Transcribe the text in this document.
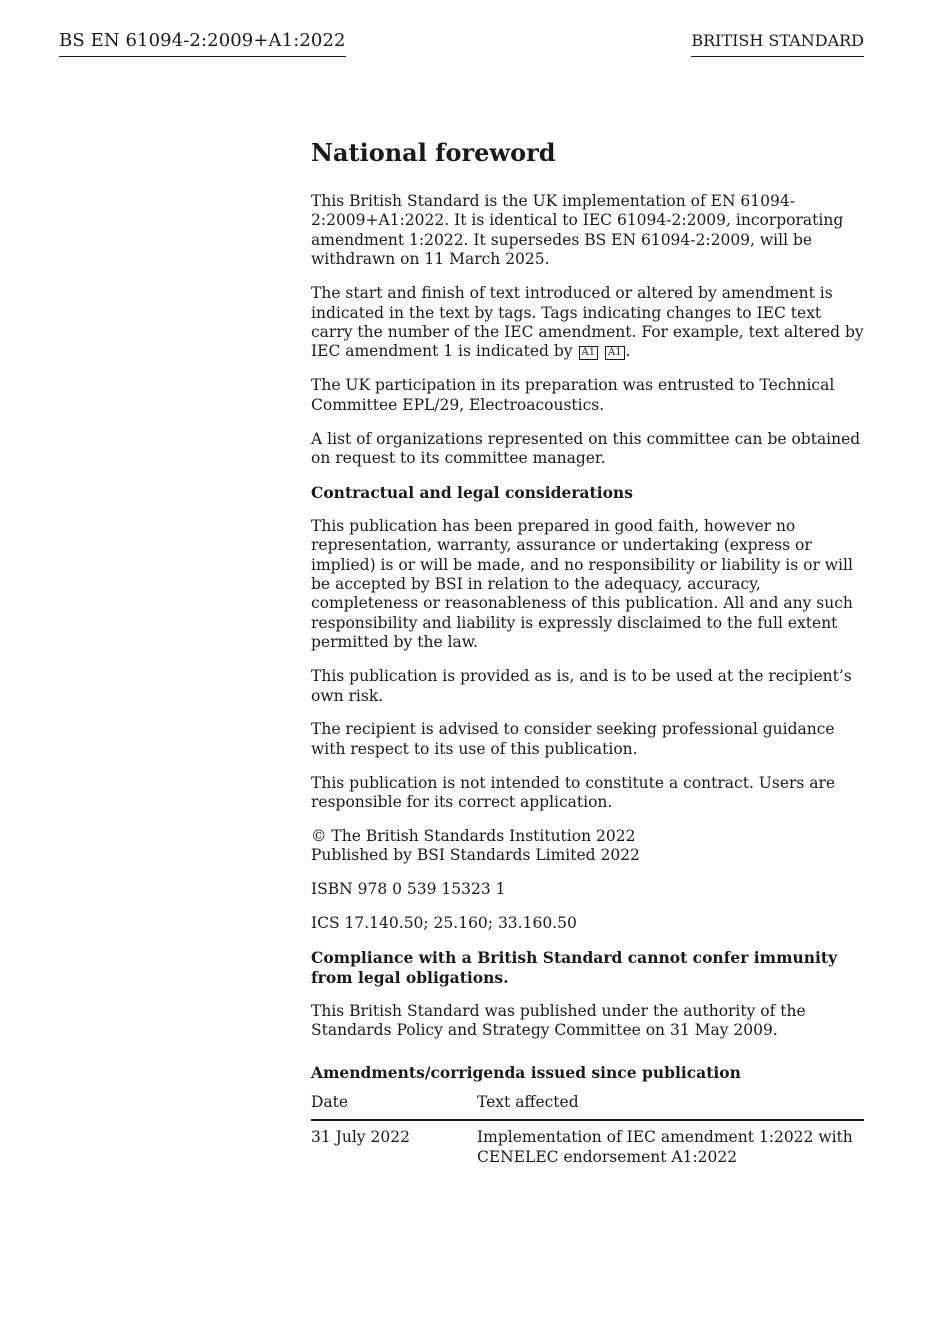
BS EN 61094-2:2009+A1:2022	BRITISH STANDARD
National foreword

This British Standard is the UK implementation of EN 61094-2:2009+A1:2022. It is identical to IEC 61094-2:2009, incorporating amendment 1:2022. It supersedes BS EN 61094-2:2009, will be withdrawn on 11 March 2025.

The start and finish of text introduced or altered by amendment is indicated in the text by tags. Tags indicating changes to IEC text carry the number of the IEC amendment. For example, text altered by IEC amendment 1 is indicated by A1 A1 .

The UK participation in its preparation was entrusted to Technical Committee EPL/29, Electroacoustics.

A list of organizations represented on this committee can be obtained on request to its committee manager.

Contractual and legal considerations

This publication has been prepared in good faith, however no representation, warranty, assurance or undertaking (express or implied) is or will be made, and no responsibility or liability is or will be accepted by BSI in relation to the adequacy, accuracy, completeness or reasonableness of this publication. All and any such responsibility and liability is expressly disclaimed to the full extent permitted by the law.

This publication is provided as is, and is to be used at the recipient’s own risk.

The recipient is advised to consider seeking professional guidance with respect to its use of this publication.

This publication is not intended to constitute a contract. Users are responsible for its correct application.

© The British Standards Institution 2022
Published by BSI Standards Limited 2022

ISBN 978 0 539 15323 1

ICS 17.140.50; 25.160; 33.160.50

Compliance with a British Standard cannot confer immunity from legal obligations.

This British Standard was published under the authority of the Standards Policy and Strategy Committee on 31 May 2009.

Amendments/corrigenda issued since publication
Date	Text affected
31 July 2022	Implementation of IEC amendment 1:2022 with CENELEC endorsement A1:2022
